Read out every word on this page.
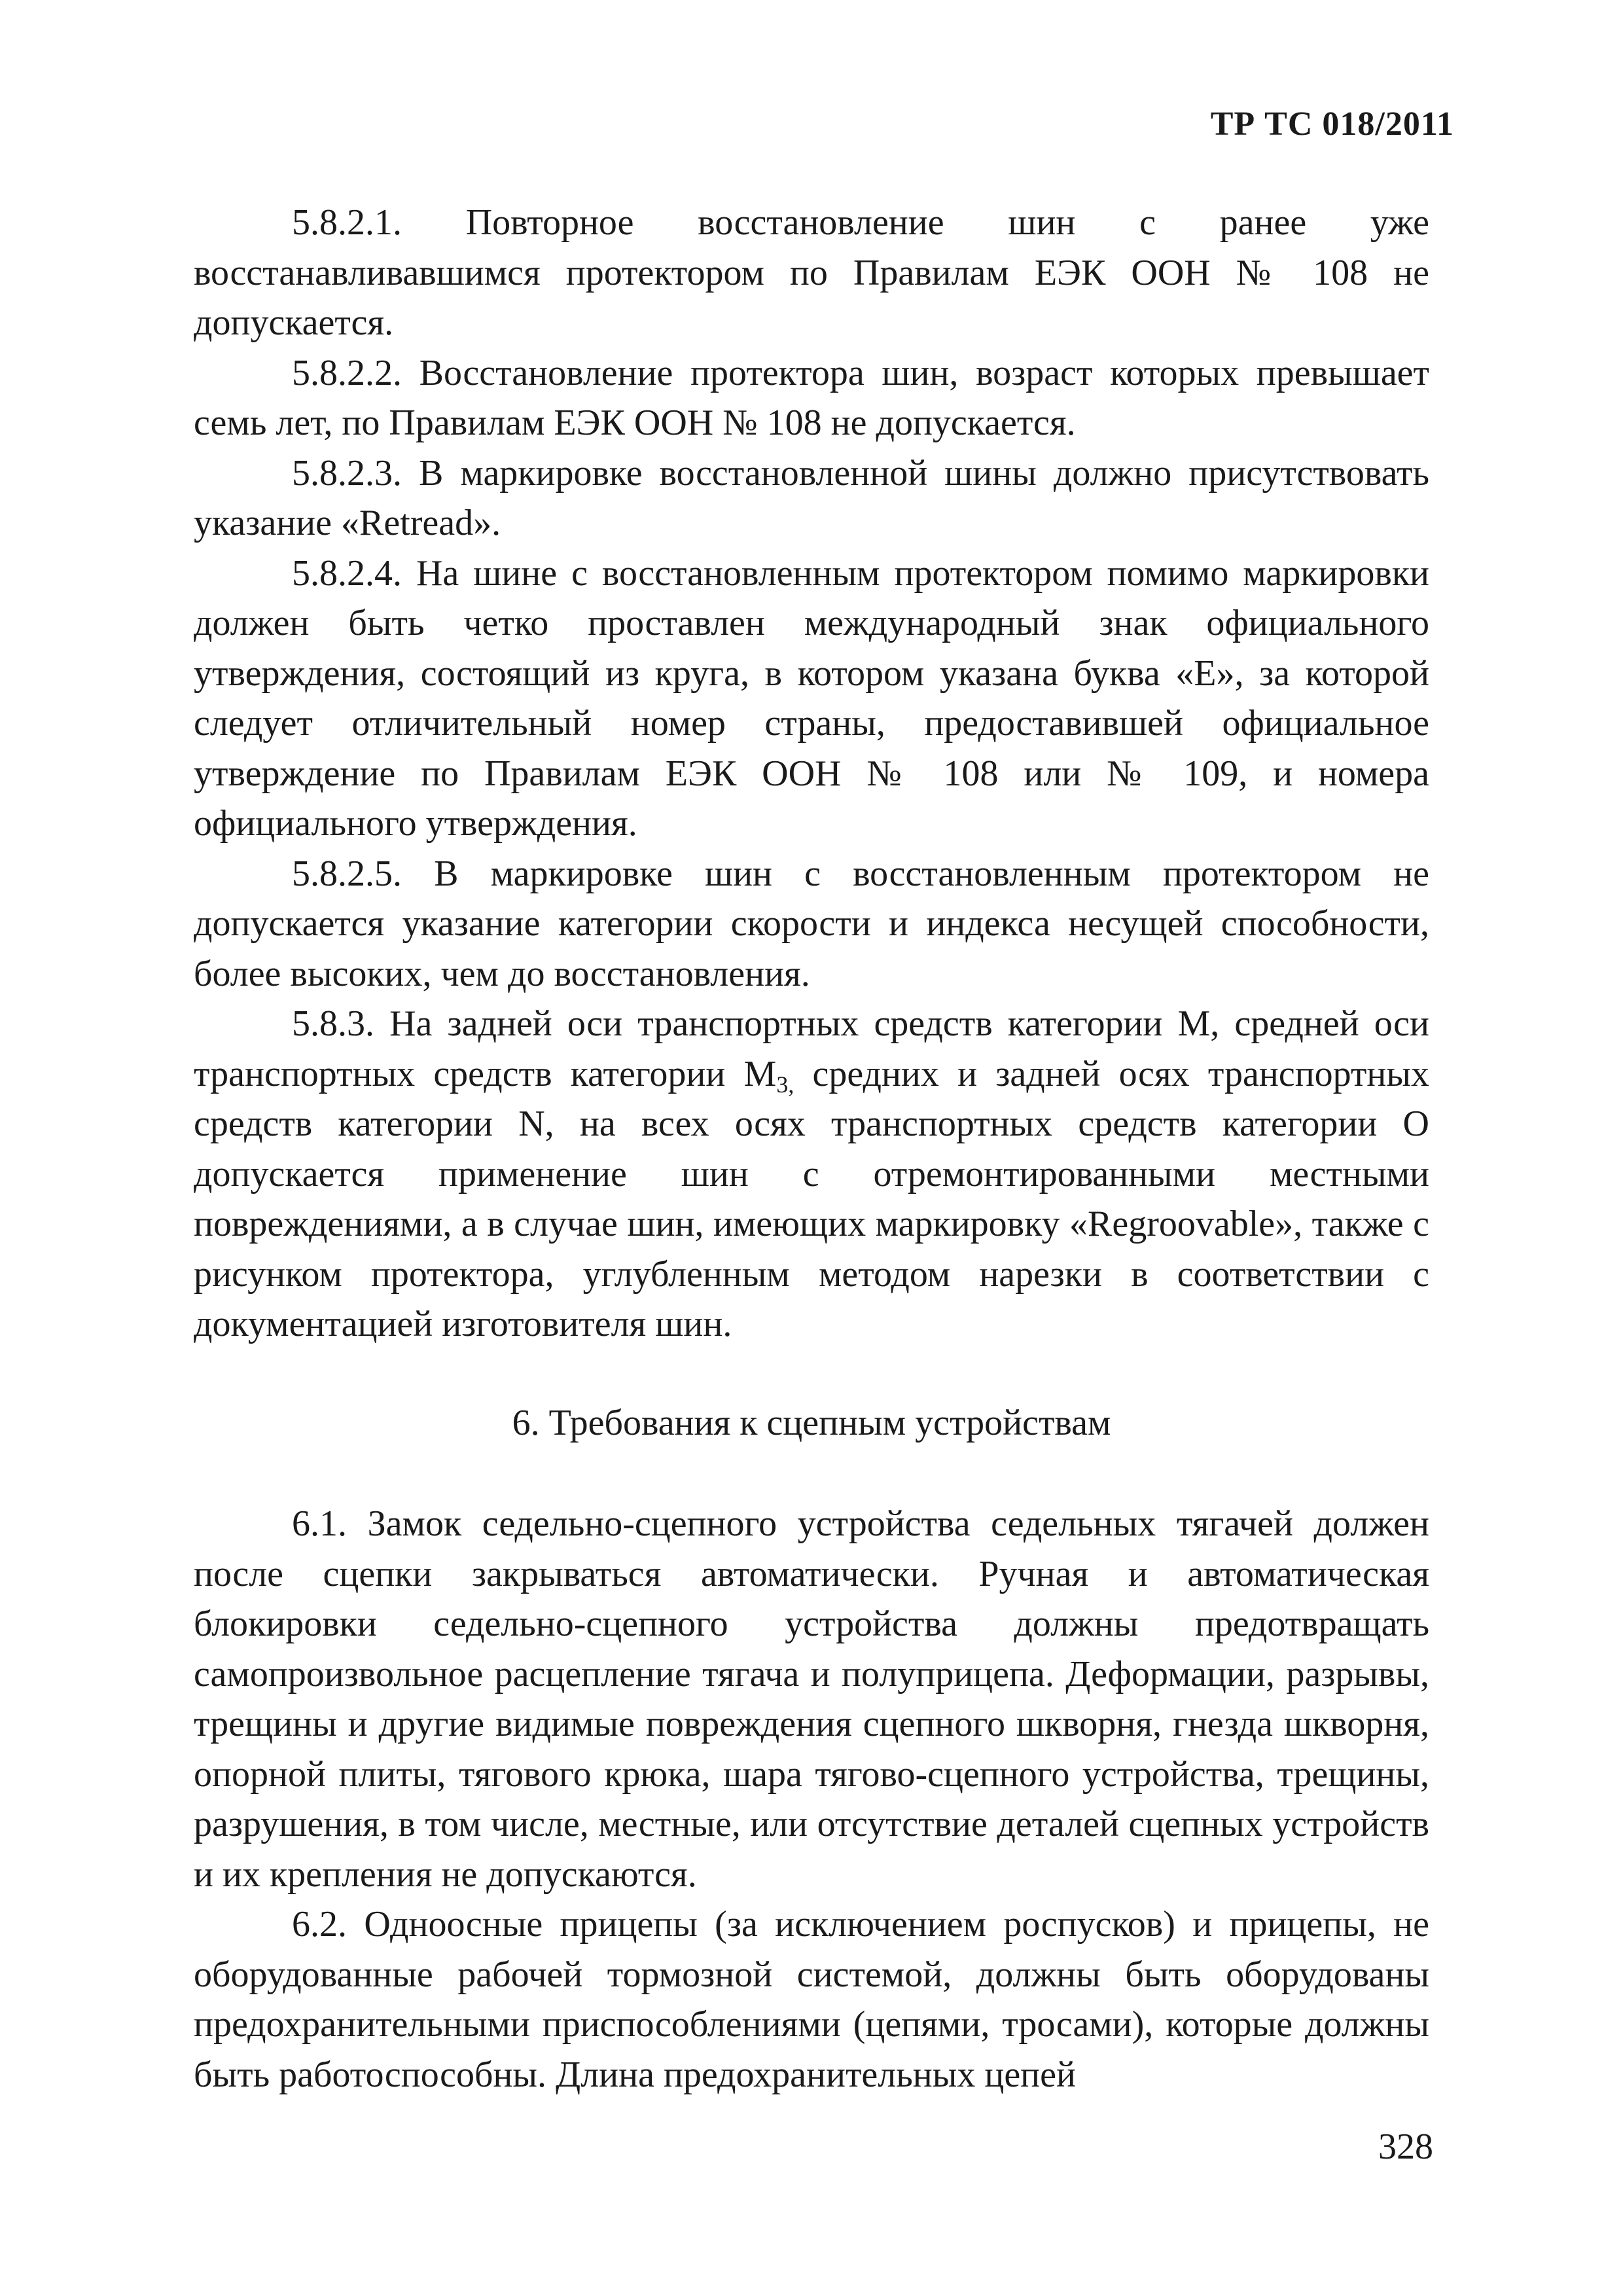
ТР ТС 018/2011

5.8.2.1. Повторное восстановление шин с ранее уже восстанавливавшимся протектором по Правилам ЕЭК ООН № 108 не допускается.

5.8.2.2. Восстановление протектора шин, возраст которых превышает семь лет, по Правилам ЕЭК ООН № 108 не допускается.

5.8.2.3. В маркировке восстановленной шины должно присутствовать указание «Retread».

5.8.2.4. На шине с восстановленным протектором помимо маркировки должен быть четко проставлен международный знак официального утверждения, состоящий из круга, в котором указана буква «Е», за которой следует отличительный номер страны, предоставившей официальное утверждение по Правилам ЕЭК ООН № 108 или № 109, и номера официального утверждения.

5.8.2.5. В маркировке шин с восстановленным протектором не допускается указание категории скорости и индекса несущей способности, более высоких, чем до восстановления.

5.8.3. На задней оси транспортных средств категории М, средней оси транспортных средств категории $М_{3,}$ средних и задней осях транспортных средств категории N, на всех осях транспортных средств категории О допускается применение шин с отремонтированными местными повреждениями, а в случае шин, имеющих маркировку «Regroovable», также с рисунком протектора, углубленным методом нарезки в соответствии с документацией изготовителя шин.

6. Требования к сцепным устройствам

6.1. Замок седельно-сцепного устройства седельных тягачей должен после сцепки закрываться автоматически. Ручная и автоматическая блокировки седельно-сцепного устройства должны предотвращать самопроизвольное расцепление тягача и полуприцепа. Деформации, разрывы, трещины и другие видимые повреждения сцепного шкворня, гнезда шкворня, опорной плиты, тягового крюка, шара тягово-сцепного устройства, трещины, разрушения, в том числе, местные, или отсутствие деталей сцепных устройств и их крепления не допускаются.

6.2. Одноосные прицепы (за исключением роспусков) и прицепы, не оборудованные рабочей тормозной системой, должны быть оборудованы предохранительными приспособлениями (цепями, тросами), которые должны быть работоспособны. Длина предохранительных цепей

328
